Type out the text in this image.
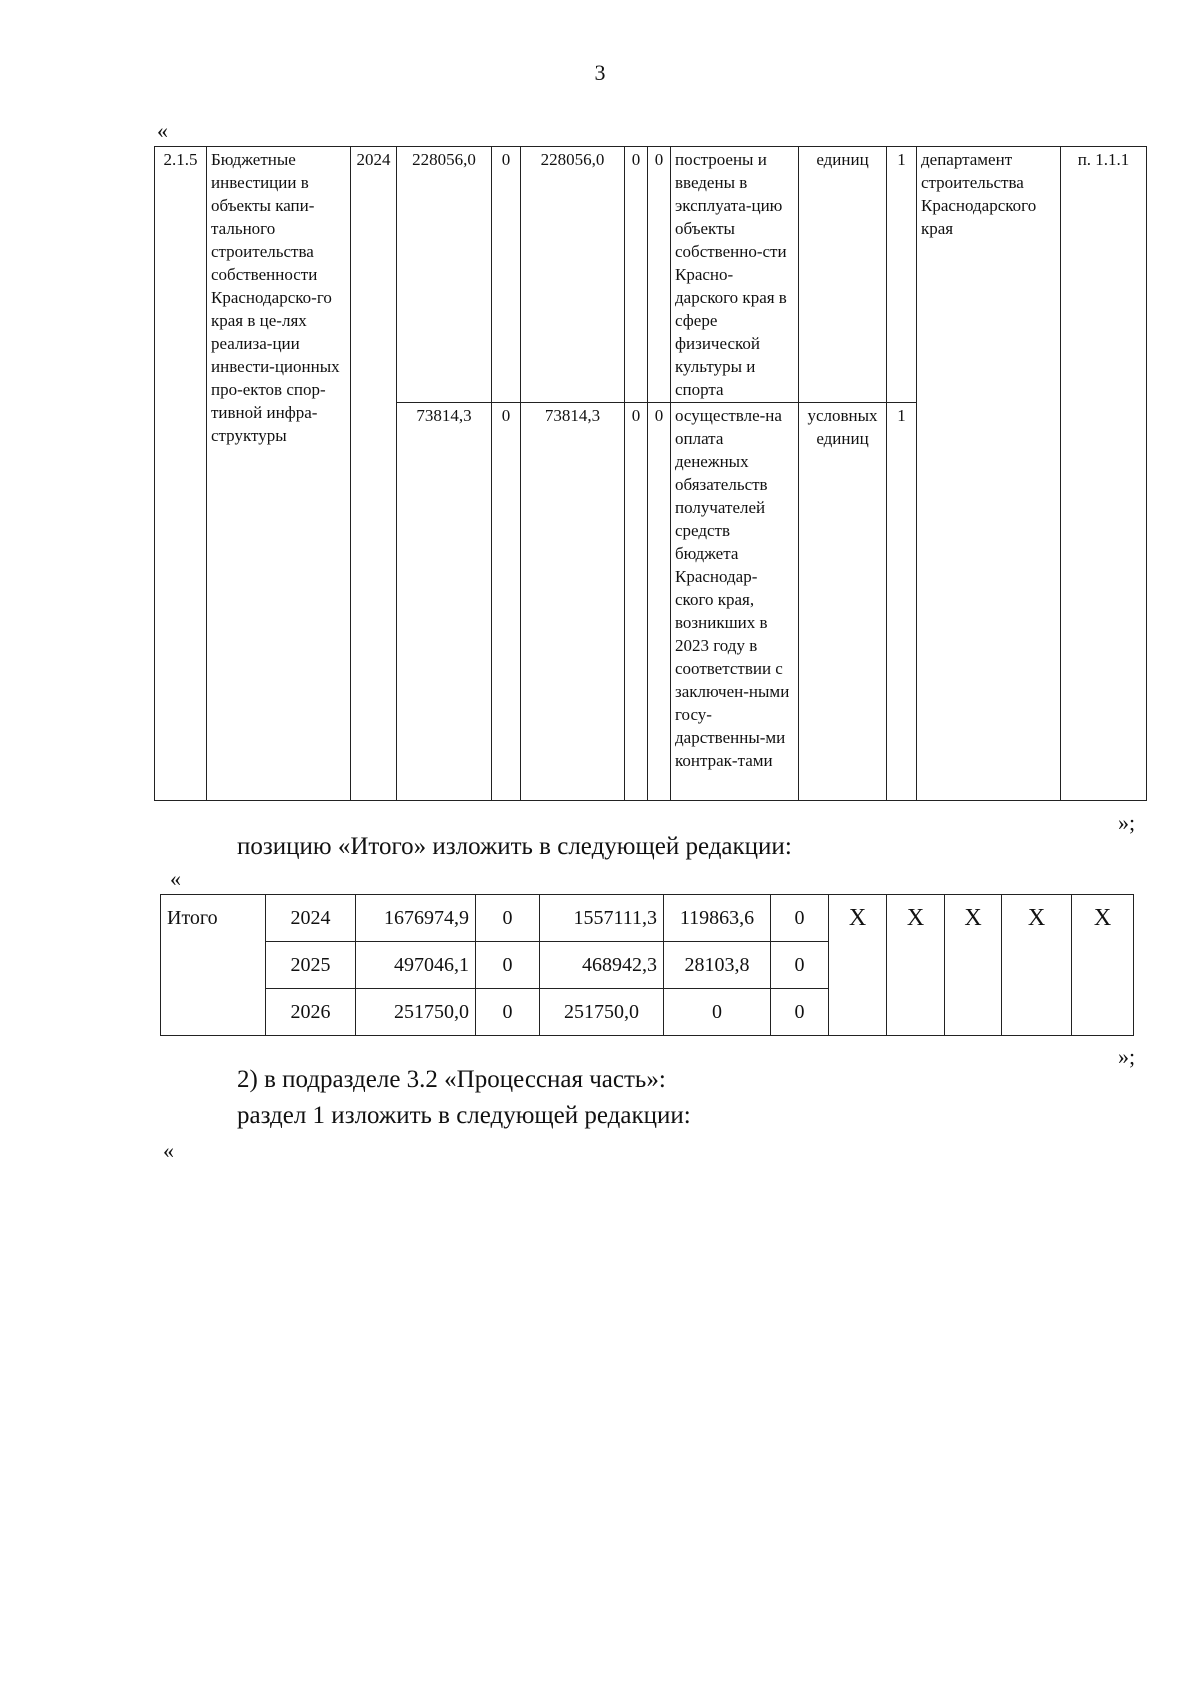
3
«
2.1.5	Бюджетные инвестиции в объекты капи-тального строительства собственности Краснодарско-го края в це-лях реализа-ции инвести-ционных про-ектов спор-тивной инфра-структуры	2024	228056,0	0	228056,0	0	0	построены и введены в эксплуата-цию объекты собственно-сти Красно-дарского края в сфере физической культуры и спорта	единиц	1	департамент строительства Краснодарского края	п. 1.1.1
			73814,3	0	73814,3	0	0	осуществле-на оплата денежных обязательств получателей средств бюджета Краснодар-ского края, возникших в 2023 году в соответствии с заключен-ными госу-дарственны-ми контрак-тами	условных единиц	1		
»;
позицию «Итого» изложить в следующей редакции:
«
Итого	2024	1676974,9	0	1557111,3	119863,6	0	Х	Х	Х	Х	Х
	2025	497046,1	0	468942,3	28103,8	0					
	2026	251750,0	0	251750,0	0	0					
»;
2) в подразделе 3.2 «Процессная часть»:
раздел 1 изложить в следующей редакции:
«
